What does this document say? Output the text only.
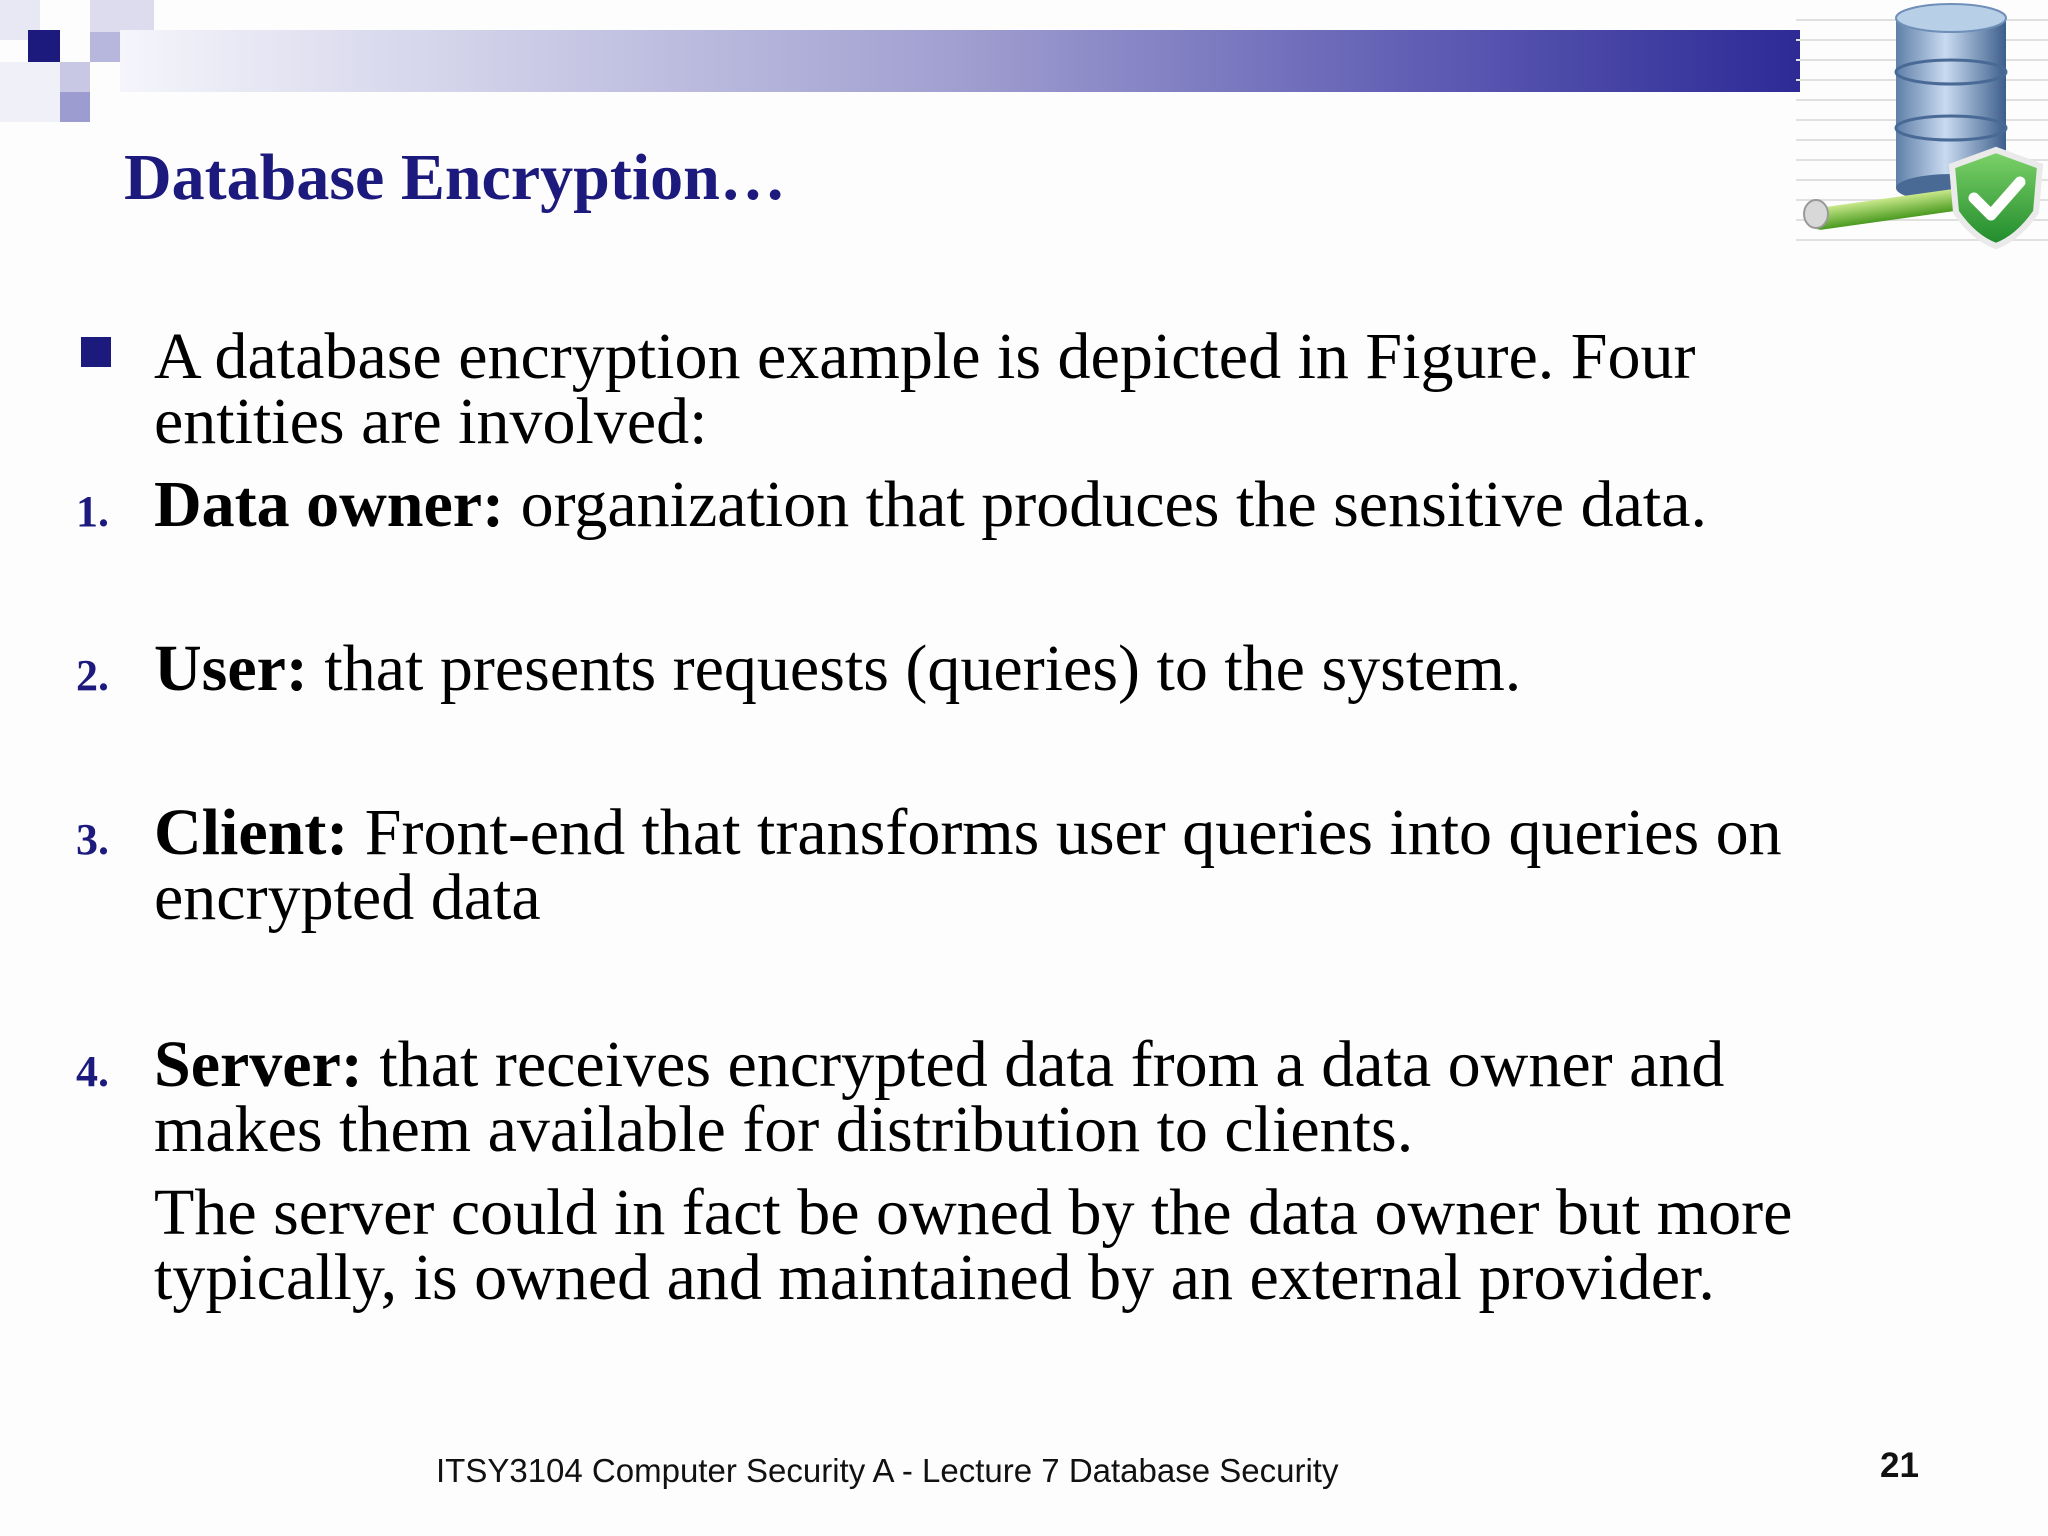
Database Encryption…
A database encryption example is depicted in Figure. Four
entities are involved:
1. Data owner: organization that produces the sensitive data.
2. User: that presents requests (queries) to the system.
3. Client: Front-end that transforms user queries into queries on
encrypted data
4. Server: that receives encrypted data from a data owner and
makes them available for distribution to clients.
The server could in fact be owned by the data owner but more
typically, is owned and maintained by an external provider.
ITSY3104 Computer Security A - Lecture 7 Database Security	21
